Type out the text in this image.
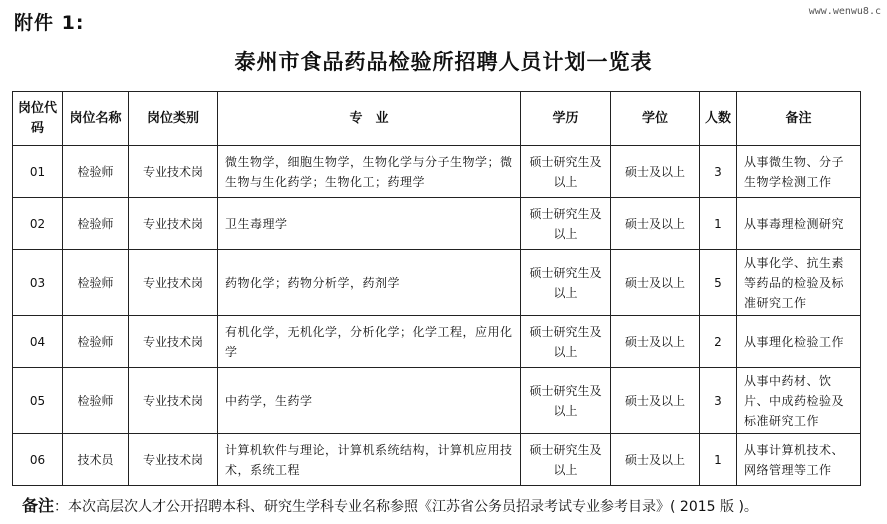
附件 1:
www.wenwu8.c
泰州市食品药品检验所招聘人员计划一览表
岗位代码	岗位名称	岗位类别	专　业	学历	学位	人数	备注
01	检验师	专业技术岗	微生物学，细胞生物学，生物化学与分子生物学；微生物与生化药学；生物化工；药理学	硕士研究生及以上	硕士及以上	3	从事微生物、分子生物学检测工作
02	检验师	专业技术岗	卫生毒理学	硕士研究生及以上	硕士及以上	1	从事毒理检测研究
03	检验师	专业技术岗	药物化学；药物分析学，药剂学	硕士研究生及以上	硕士及以上	5	从事化学、抗生素等药品的检验及标准研究工作
04	检验师	专业技术岗	有机化学，无机化学，分析化学；化学工程，应用化学	硕士研究生及以上	硕士及以上	2	从事理化检验工作
05	检验师	专业技术岗	中药学，生药学	硕士研究生及以上	硕士及以上	3	从事中药材、饮片、中成药检验及标准研究工作
06	技术员	专业技术岗	计算机软件与理论，计算机系统结构，计算机应用技术，系统工程	硕士研究生及以上	硕士及以上	1	从事计算机技术、网络管理等工作
备注：本次高层次人才公开招聘本科、研究生学科专业名称参照《江苏省公务员招录考试专业参考目录》( 2015 版 )。
